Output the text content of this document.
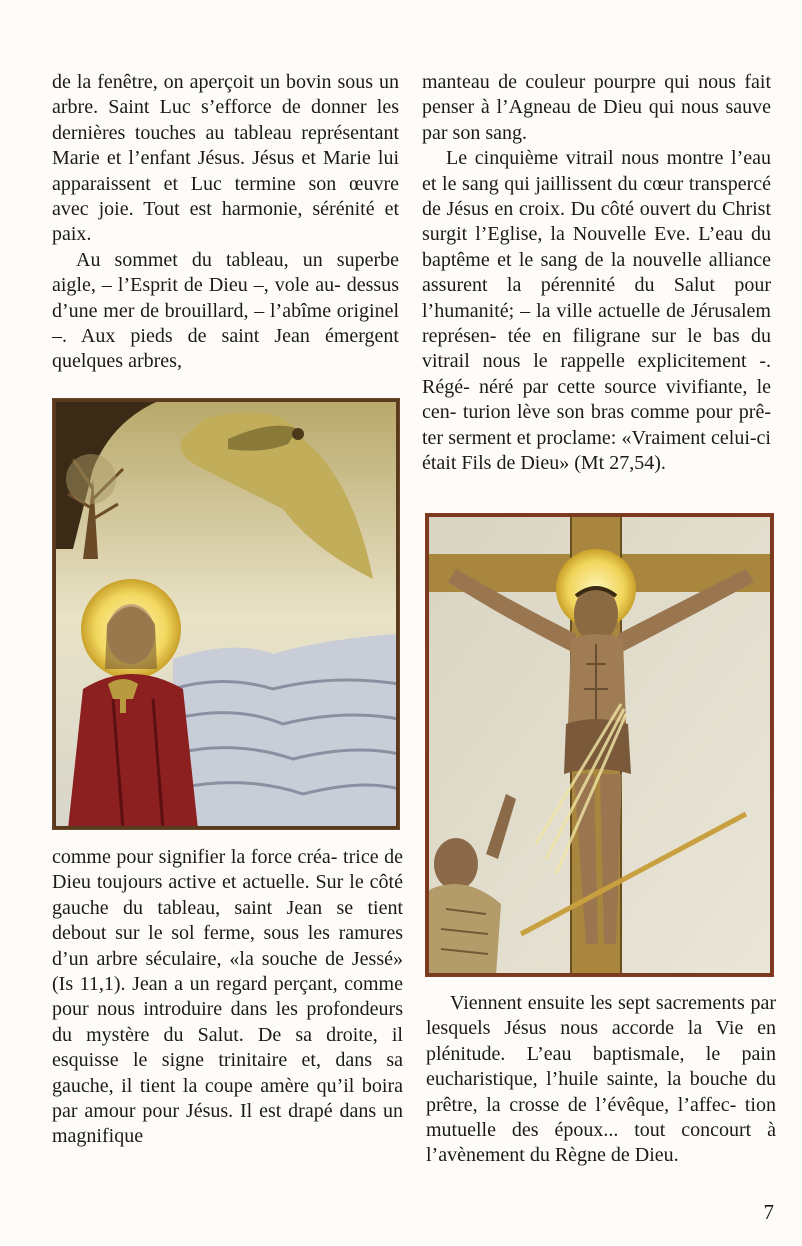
de la fenêtre, on aperçoit un bovin sous un arbre. Saint Luc s’efforce de donner les dernières touches au tableau représentant Marie et l’enfant Jésus. Jésus et Marie lui apparaissent et Luc termine son œuvre avec joie. Tout est harmonie, sérénité et paix.

Au sommet du tableau, un superbe aigle, – l’Esprit de Dieu –, vole au- dessus d’une mer de brouillard, – l’abîme originel –. Aux pieds de saint Jean émergent quelques arbres,

comme pour signifier la force créa- trice de Dieu toujours active et actuelle. Sur le côté gauche du tableau, saint Jean se tient debout sur le sol ferme, sous les ramures d’un arbre séculaire, «la souche de Jessé» (Is 11,1). Jean a un regard perçant, comme pour nous introduire dans les profondeurs du mystère du Salut. De sa droite, il esquisse le signe trinitaire et, dans sa gauche, il tient la coupe amère qu’il boira par amour pour Jésus. Il est drapé dans un magnifique

manteau de couleur pourpre qui nous fait penser à l’Agneau de Dieu qui nous sauve par son sang.

Le cinquième vitrail nous montre l’eau et le sang qui jaillissent du cœur transpercé de Jésus en croix. Du côté ouvert du Christ surgit l’Eglise, la Nouvelle Eve. L’eau du baptême et le sang de la nouvelle alliance assurent la pérennité du Salut pour l’humanité; – la ville actuelle de Jérusalem représen- tée en filigrane sur le bas du vitrail nous le rappelle explicitement -. Régé- néré par cette source vivifiante, le cen- turion lève son bras comme pour prê- ter serment et proclame: «Vraiment celui-ci était Fils de Dieu» (Mt 27,54).

Viennent ensuite les sept sacrements par lesquels Jésus nous accorde la Vie en plénitude. L’eau baptismale, le pain eucharistique, l’huile sainte, la bouche du prêtre, la crosse de l’évêque, l’affec- tion mutuelle des époux... tout concourt à l’avènement du Règne de Dieu.

7
